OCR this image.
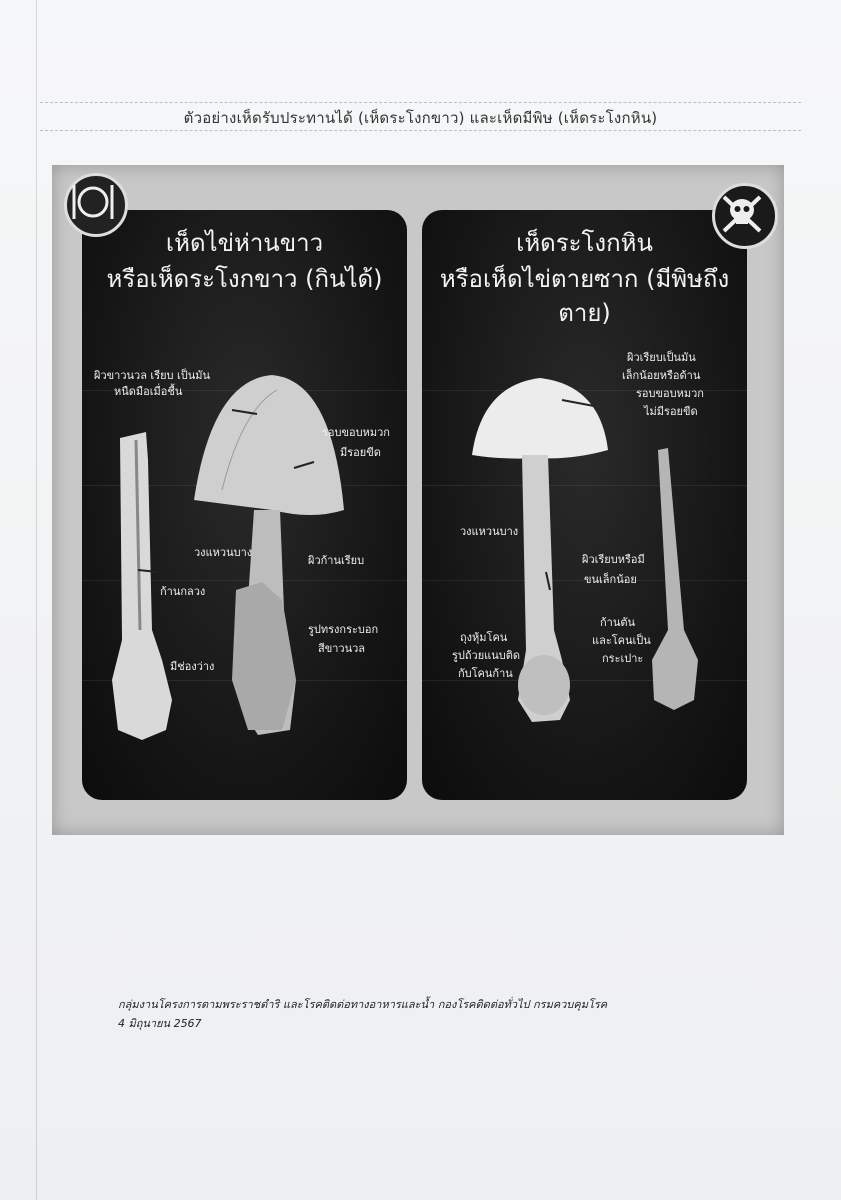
ตัวอย่างเห็ดรับประทานได้ (เห็ดระโงกขาว) และเห็ดมีพิษ (เห็ดระโงกหิน)
เห็ดไข่ห่านขาว
หรือเห็ดระโงกขาว (กินได้)
ผิวขาวนวล เรียบ เป็นมัน
หนืดมือเมื่อชื้น
รอบขอบหมวก
มีรอยขีด
วงแหวนบาง
ผิวก้านเรียบ
ก้านกลวง
รูปทรงกระบอก
สีขาวนวล
มีช่องว่าง
เห็ดระโงกหิน
หรือเห็ดไข่ตายซาก (มีพิษถึงตาย)
ผิวเรียบเป็นมัน
เล็กน้อยหรือด้าน
รอบขอบหมวก
ไม่มีรอยขีด
วงแหวนบาง
ผิวเรียบหรือมี
ขนเล็กน้อย
ถุงหุ้มโคน
รูปถ้วยแนบติด
กับโคนก้าน
ก้านตัน
และโคนเป็น
กระเปาะ
กลุ่มงานโครงการตามพระราชดำริ และโรคติดต่อทางอาหารและน้ำ กองโรคติดต่อทั่วไป กรมควบคุมโรค
4 มิถุนายน 2567
